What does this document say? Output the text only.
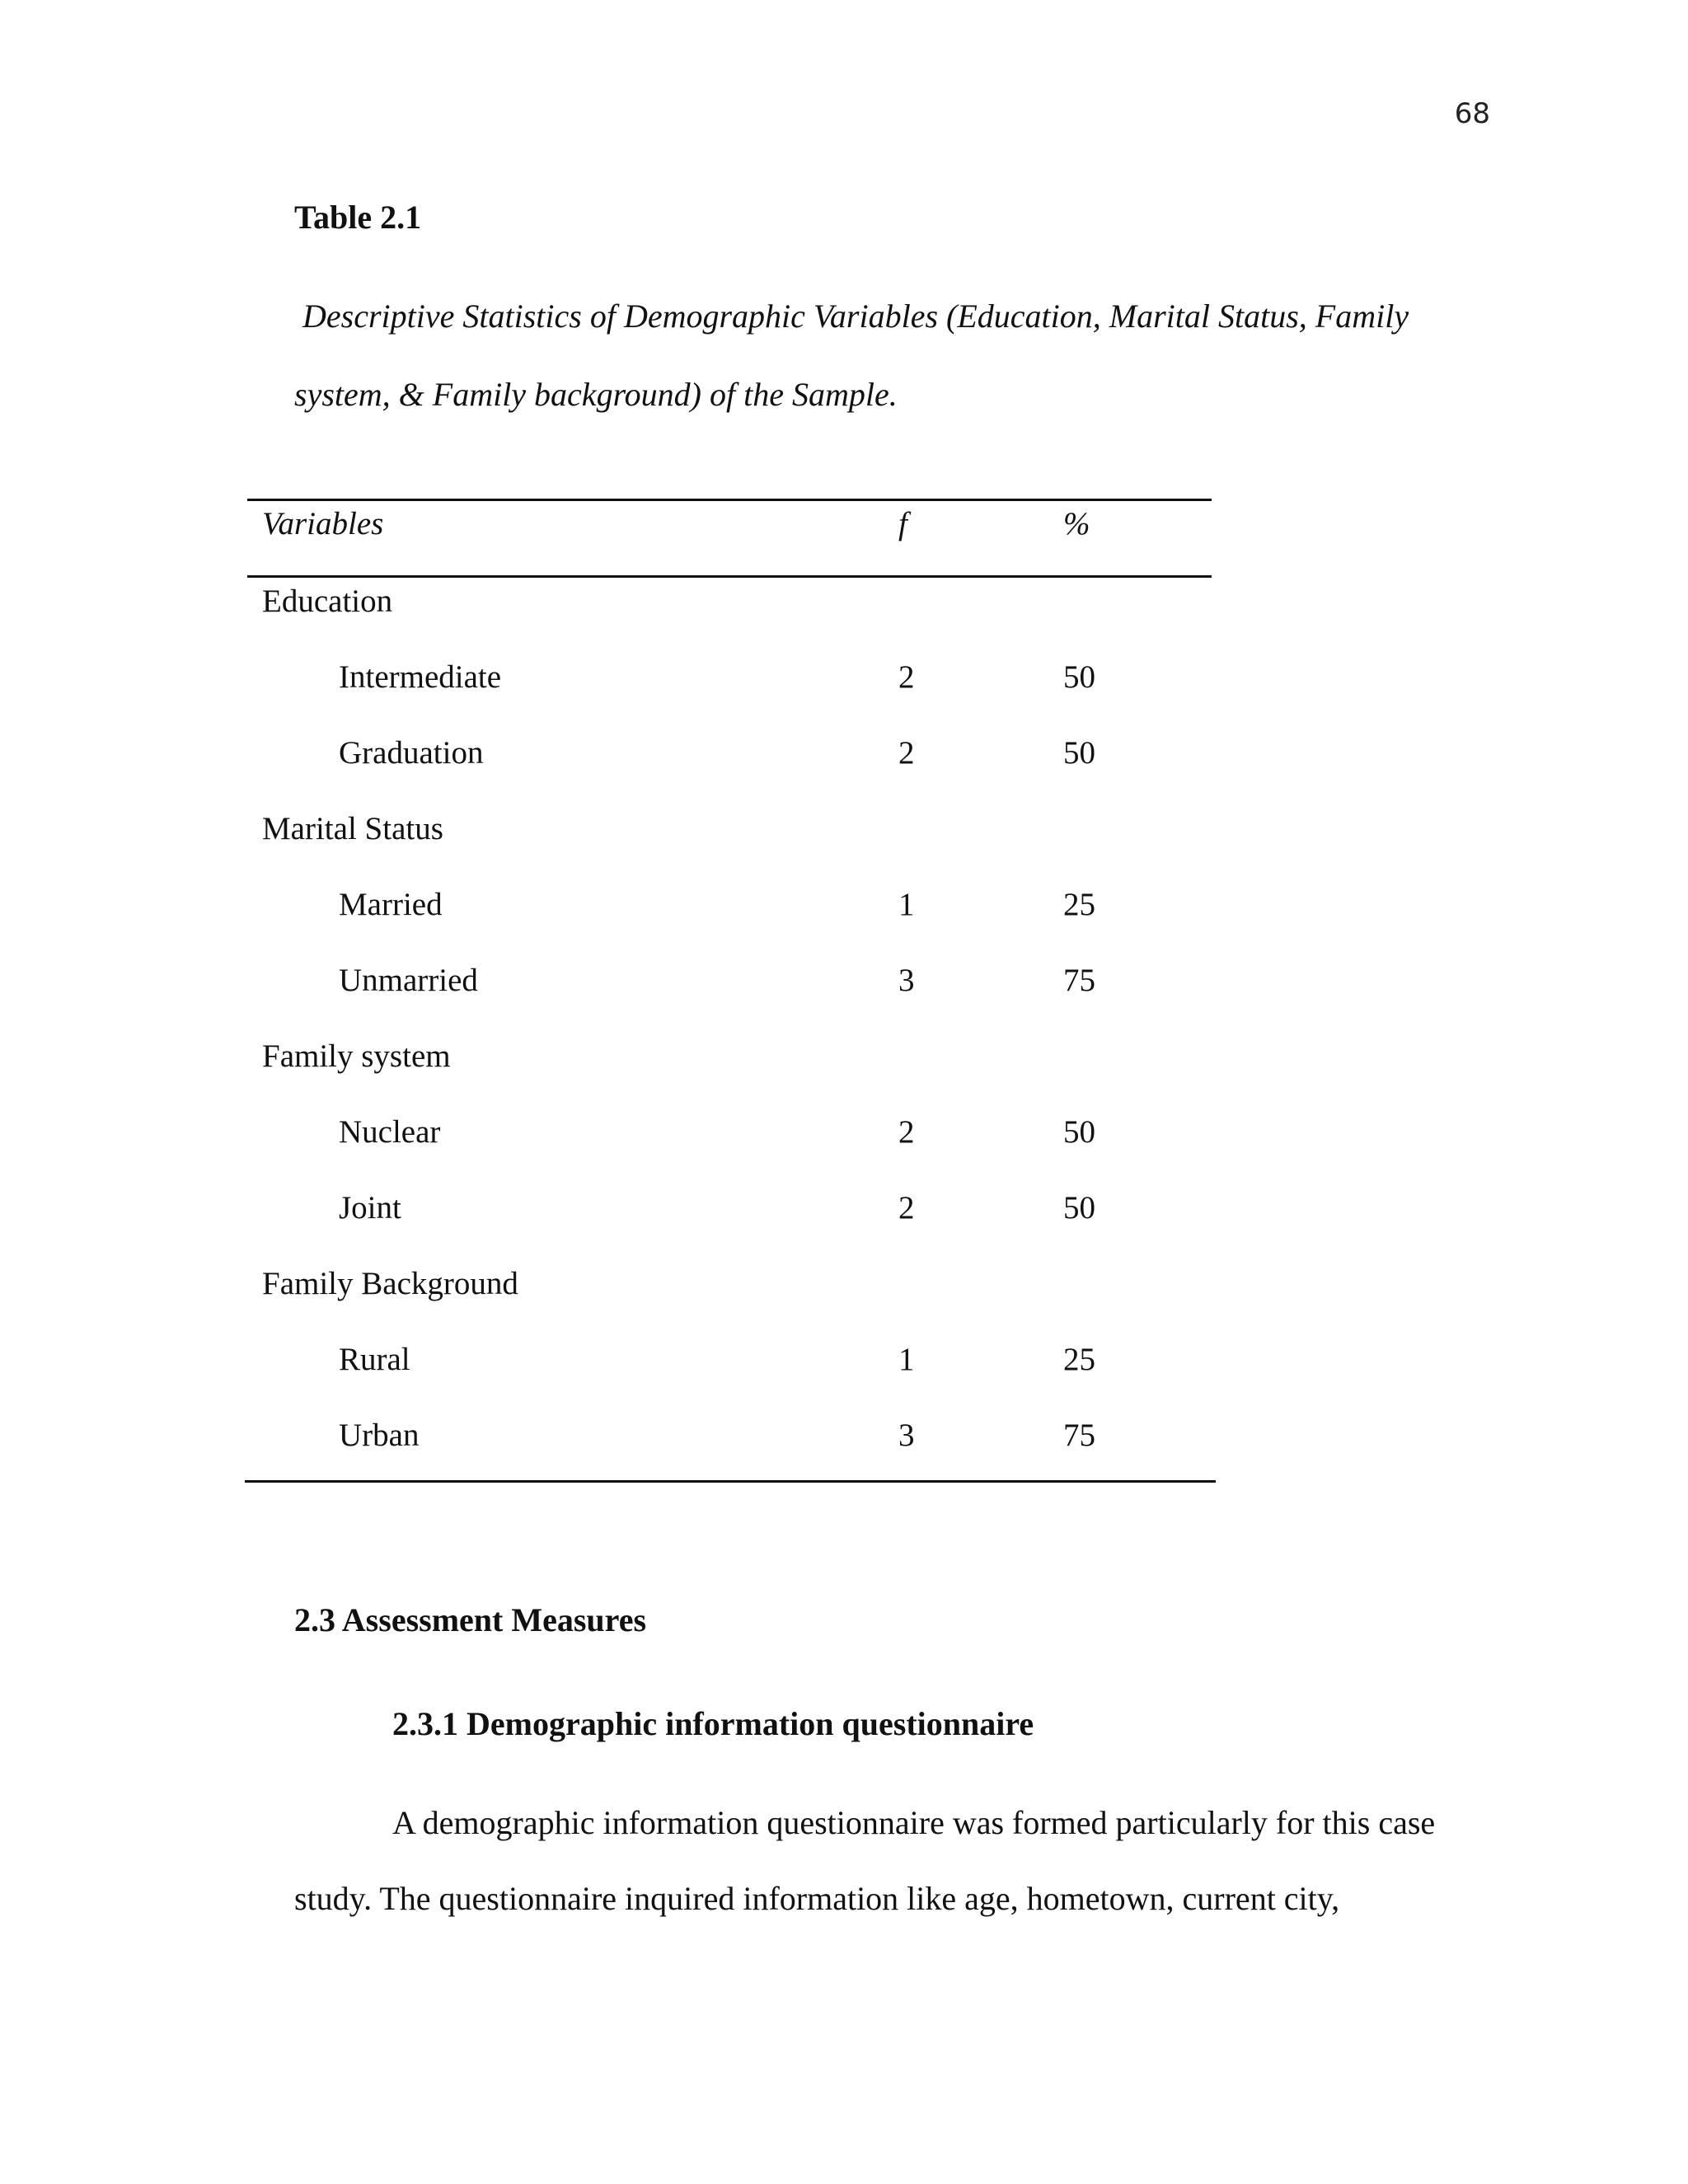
68
Table 2.1
Descriptive Statistics of Demographic Variables (Education, Marital Status, Family
system, & Family background) of the Sample.
Variables	f	%
Education
Intermediate	2	50
Graduation	2	50
Marital Status
Married	1	25
Unmarried	3	75
Family system
Nuclear	2	50
Joint	2	50
Family Background
Rural	1	25
Urban	3	75
2.3 Assessment Measures
2.3.1 Demographic information questionnaire
A demographic information questionnaire was formed particularly for this case
study. The questionnaire inquired information like age, hometown, current city,
